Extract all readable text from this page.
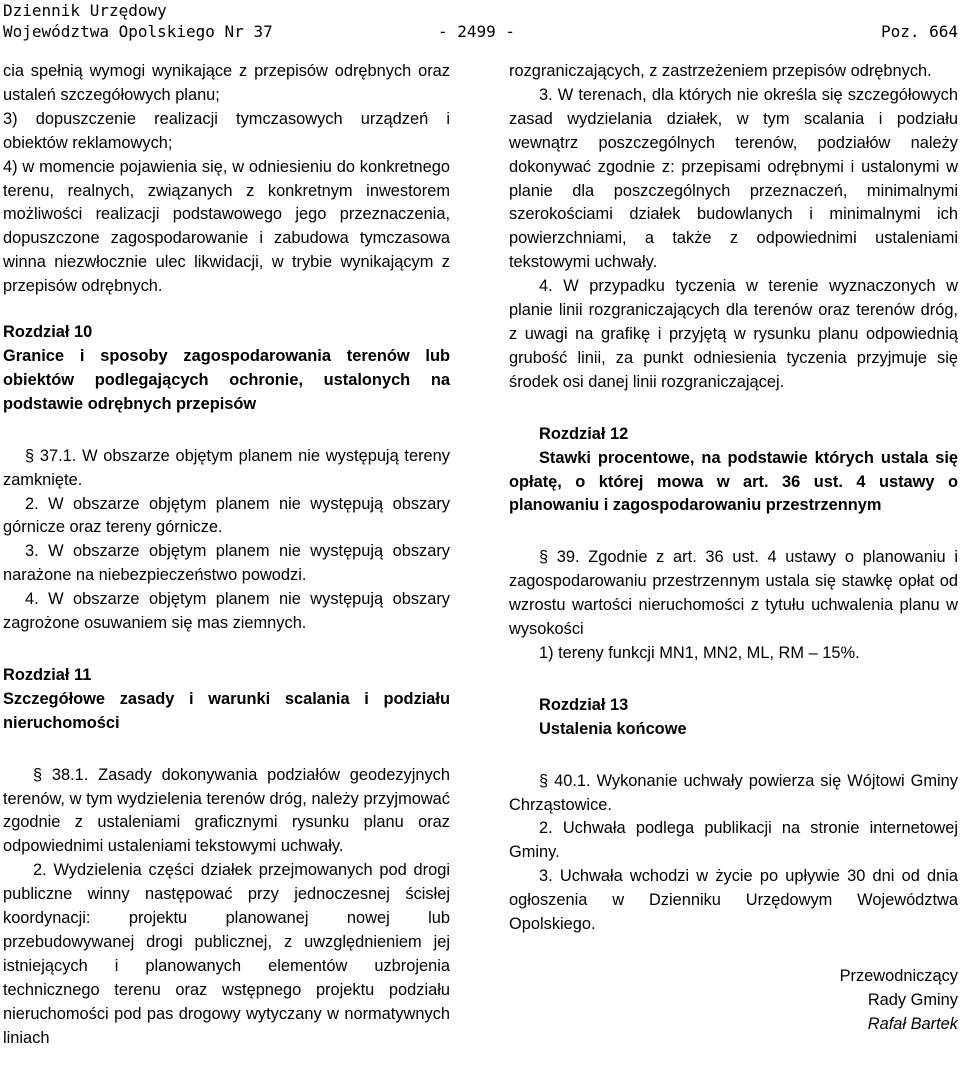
Dziennik Urzędowy
Województwa Opolskiego Nr 37	- 2499 -	Poz. 664

cia spełnią wymogi wynikające z przepisów odrębnych oraz ustaleń szczegółowych planu;

3) dopuszczenie realizacji tymczasowych urządzeń i obiektów reklamowych;

4) w momencie pojawienia się, w odniesieniu do konkretnego terenu, realnych, związanych z konkretnym inwestorem możliwości realizacji podstawowego jego przeznaczenia, dopuszczone zagospodarowanie i zabudowa tymczasowa winna niezwłocznie ulec likwidacji, w trybie wynikającym z przepisów odrębnych.

Rozdział 10

Granice i sposoby zagospodarowania terenów lub obiektów podlegających ochronie, ustalonych na podstawie odrębnych przepisów

§ 37.1. W obszarze objętym planem nie występują tereny zamknięte.

2. W obszarze objętym planem nie występują obszary górnicze oraz tereny górnicze.

3. W obszarze objętym planem nie występują obszary narażone na niebezpieczeństwo powodzi.

4. W obszarze objętym planem nie występują obszary zagrożone osuwaniem się mas ziemnych.

Rozdział 11

Szczegółowe zasady i warunki scalania i podziału nieruchomości

§ 38.1. Zasady dokonywania podziałów geodezyjnych terenów, w tym wydzielenia terenów dróg, należy przyjmować zgodnie z ustaleniami graficznymi rysunku planu oraz odpowiednimi ustaleniami tekstowymi uchwały.

2. Wydzielenia części działek przejmowanych pod drogi publiczne winny następować przy jednoczesnej ścisłej koordynacji: projektu planowanej nowej lub przebudowywanej drogi publicznej, z uwzględnieniem jej istniejących i planowanych elementów uzbrojenia technicznego terenu oraz wstępnego projektu podziału nieruchomości pod pas drogowy wytyczany w normatywnych liniach

rozgraniczających, z zastrzeżeniem przepisów odrębnych.

3. W terenach, dla których nie określa się szczegółowych zasad wydzielania działek, w tym scalania i podziału wewnątrz poszczególnych terenów, podziałów należy dokonywać zgodnie z: przepisami odrębnymi i ustalonymi w planie dla poszczególnych przeznaczeń, minimalnymi szerokościami działek budowlanych i minimalnymi ich powierzchniami, a także z odpowiednimi ustaleniami tekstowymi uchwały.

4. W przypadku tyczenia w terenie wyznaczonych w planie linii rozgraniczających dla terenów oraz terenów dróg, z uwagi na grafikę i przyjętą w rysunku planu odpowiednią grubość linii, za punkt odniesienia tyczenia przyjmuje się środek osi danej linii rozgraniczającej.

Rozdział 12

Stawki procentowe, na podstawie których ustala się opłatę, o której mowa w art. 36 ust. 4 ustawy o planowaniu i zagospodarowaniu przestrzennym

§ 39. Zgodnie z art. 36 ust. 4 ustawy o planowaniu i zagospodarowaniu przestrzennym ustala się stawkę opłat od wzrostu wartości nieruchomości z tytułu uchwalenia planu w wysokości

1) tereny funkcji MN1, MN2, ML, RM – 15%.

Rozdział 13

Ustalenia końcowe

§ 40.1. Wykonanie uchwały powierza się Wójtowi Gminy Chrząstowice.

2. Uchwała podlega publikacji na stronie internetowej Gminy.

3. Uchwała wchodzi w życie po upływie 30 dni od dnia ogłoszenia w Dzienniku Urzędowym Województwa Opolskiego.

Przewodniczący

Rady Gminy

Rafał Bartek
